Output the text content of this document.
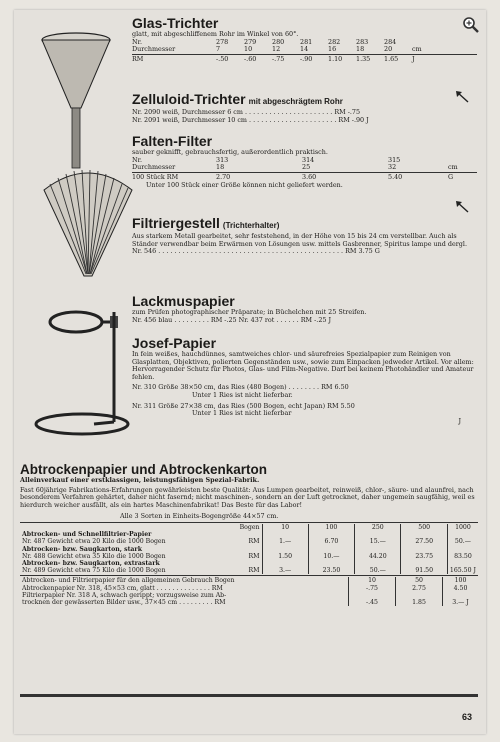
Glas-Trichter

glatt, mit abgeschliffenem Rohr im Winkel von 60°.

Nr.	278	279	280	281	282	283	284
Durchmesser	7	10	12	14	16	18	20	cm
RM	-.50	-.60	-.75	-.90	1.10	1.35	1.65	J

Zelluloid-Trichter mit abgeschrägtem Rohr

Nr. 2090 weiß, Durchmesser 6 cm . . . . . . . . . . . . . . . . . . . . . . RM -.75

Nr. 2091 weiß, Durchmesser 10 cm . . . . . . . . . . . . . . . . . . . . . . RM -.90 J

Falten-Filter

sauber geknifft, gebrauchsfertig, außerordentlich praktisch.

Nr.	313	314	315
Durchmesser	18	25	32	cm
100 Stück RM	2.70	3.60	5.40	G

Unter 100 Stück einer Größe können nicht geliefert werden.

Filtriergestell (Trichterhalter)

Aus starkem Metall gearbeitet, sehr feststehend, in der Höhe von 15 bis 24 cm verstellbar. Auch als Ständer verwendbar beim Erwärmen von Lösungen usw. mittels Gasbrenner, Spiritus lampe und dergl.

Nr. 546 . . . . . . . . . . . . . . . . . . . . . . . . . . . . . . . . . . . . . . . . . . . . . . RM 3.75 G

Lackmuspapier

zum Prüfen photographischer Präparate; in Büchelchen mit 25 Streifen.

Nr. 456 blau . . . . . . . . . RM -.25 Nr. 437 rot . . . . . . RM -.25 J

Josef-Papier

In fein weißes, hauchdünnes, samtweiches chlor- und säurefreies Spezialpapier zum Reinigen von Glasplatten, Objektiven, polierten Gegenständen usw., sowie zum Einpacken jedweder Artikel. Vor allem: Hervorragender Schutz für Photos, Glas- und Film-Negative. Darf bei keinem Photohändler und Amateur fehlen.

Nr. 310 Größe 38×50 cm, das Ries (480 Bogen) . . . . . . . . RM 6.50

Unter 1 Ries ist nicht lieferbar.

Nr. 311 Größe 27×38 cm, das Ries (500 Bogen, echt Japan) RM 5.50

Unter 1 Ries ist nicht lieferbar

J

Abtrockenpapier und Abtrockenkarton

Alleinverkauf einer erstklassigen, leistungsfähigen Spezial-Fabrik.

Fast 60jährige Fabrikations-Erfahrungen gewährleisten beste Qualität: Aus Lumpen gearbeitet, reinweiß, chlor-, säure- und alaunfrei, nach besonderem Verfahren gehärtet, daher nicht fasernd; nicht maschinen-, sondern an der Luft getrocknet, daher ungemein saugfähig, weil es hierdurch weicher ausfällt, als ein hartes Maschinenfabrikat! Das Beste für das Labor!

Alle 3 Sorten in Einheits-Bogengröße 44×57 cm.

Bogen	10	100	250	500	1000
Abtrocken- und Schnellfiltrier-Papier					
Nr. 487 Gewicht etwa 20 Kilo die 1000 Bogen RM	1.—	6.70	15.—	27.50	50.—
Abtrocken- bzw. Saugkarton, stark					
Nr. 488 Gewicht etwa 35 Kilo die 1000 Bogen RM	1.50	10.—	44.20	23.75	83.50
Abtrocken- bzw. Saugkarton, extrastark					
Nr. 489 Gewicht etwa 75 Kilo die 1000 Bogen RM	3.—	23.50	50.—	91.50	165.50 J
Abtrocken- und Filtrierpapier für den allgemeinen Gebrauch Bogen	10	50	100
Abtrockenpapier Nr. 318, 45×53 cm, glatt . . . . . . . . . . . . . . RM	-.75	2.75	4.50
Filtrierpapier Nr. 318 A, schwach gerippt; vorzugsweise zum Ab-			
trocknen der gewässerten Bilder usw., 37×45 cm . . . . . . . . . RM	-.45	1.85	3.— J
63
